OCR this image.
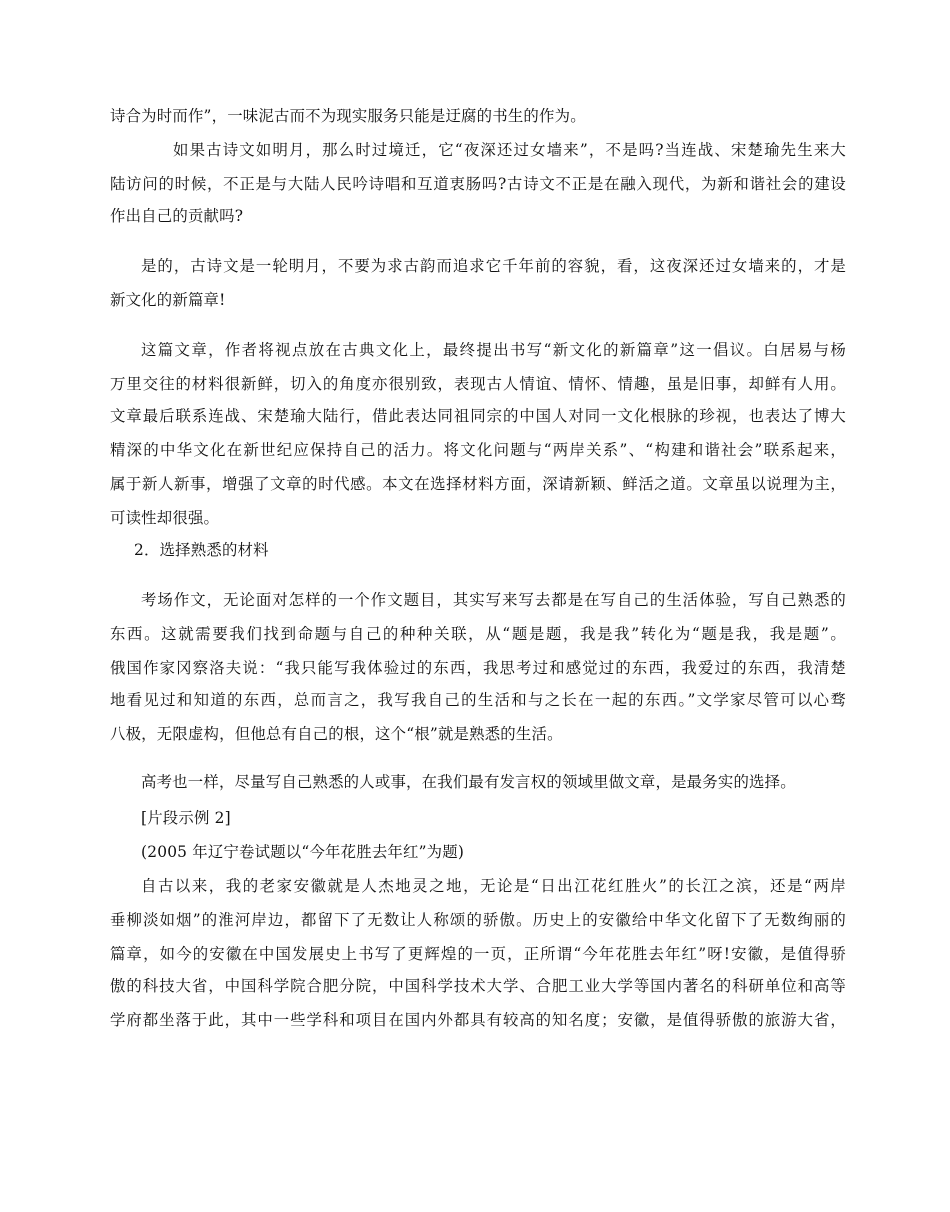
诗合为时而作”，一味泥古而不为现实服务只能是迂腐的书生的作为。
如果古诗文如明月，那么时过境迁，它“夜深还过女墙来”，不是吗?当连战、宋楚瑜先生来大
陆访问的时候，不正是与大陆人民吟诗唱和互道衷肠吗?古诗文不正是在融入现代，为新和谐社会的建设
作出自己的贡献吗?
是的，古诗文是一轮明月，不要为求古韵而追求它千年前的容貌，看，这夜深还过女墙来的，才是
新文化的新篇章!
这篇文章，作者将视点放在古典文化上，最终提出书写“新文化的新篇章”这一倡议。白居易与杨
万里交往的材料很新鲜，切入的角度亦很别致，表现古人情谊、情怀、情趣，虽是旧事，却鲜有人用。
文章最后联系连战、宋楚瑜大陆行，借此表达同祖同宗的中国人对同一文化根脉的珍视，也表达了博大
精深的中华文化在新世纪应保持自己的活力。将文化问题与“两岸关系”、“构建和谐社会”联系起来，
属于新人新事，增强了文章的时代感。本文在选择材料方面，深请新颖、鲜活之道。文章虽以说理为主，
可读性却很强。
2．选择熟悉的材料
考场作文，无论面对怎样的一个作文题目，其实写来写去都是在写自己的生活体验，写自己熟悉的
东西。这就需要我们找到命题与自己的种种关联，从“题是题，我是我”转化为“题是我，我是题”。
俄国作家冈察洛夫说：“我只能写我体验过的东西，我思考过和感觉过的东西，我爱过的东西，我清楚
地看见过和知道的东西，总而言之，我写我自己的生活和与之长在一起的东西。”文学家尽管可以心骛
八极，无限虚构，但他总有自己的根，这个“根”就是熟悉的生活。
高考也一样，尽量写自己熟悉的人或事，在我们最有发言权的领域里做文章，是最务实的选择。
[片段示例 2]
(2005 年辽宁卷试题以“今年花胜去年红”为题)
自古以来，我的老家安徽就是人杰地灵之地，无论是“日出江花红胜火”的长江之滨，还是“两岸
垂柳淡如烟”的淮河岸边，都留下了无数让人称颂的骄傲。历史上的安徽给中华文化留下了无数绚丽的
篇章，如今的安徽在中国发展史上书写了更辉煌的一页，正所谓“今年花胜去年红”呀!安徽，是值得骄
傲的科技大省，中国科学院合肥分院，中国科学技术大学、合肥工业大学等国内著名的科研单位和高等
学府都坐落于此，其中一些学科和项目在国内外都具有较高的知名度；安徽，是值得骄傲的旅游大省，
